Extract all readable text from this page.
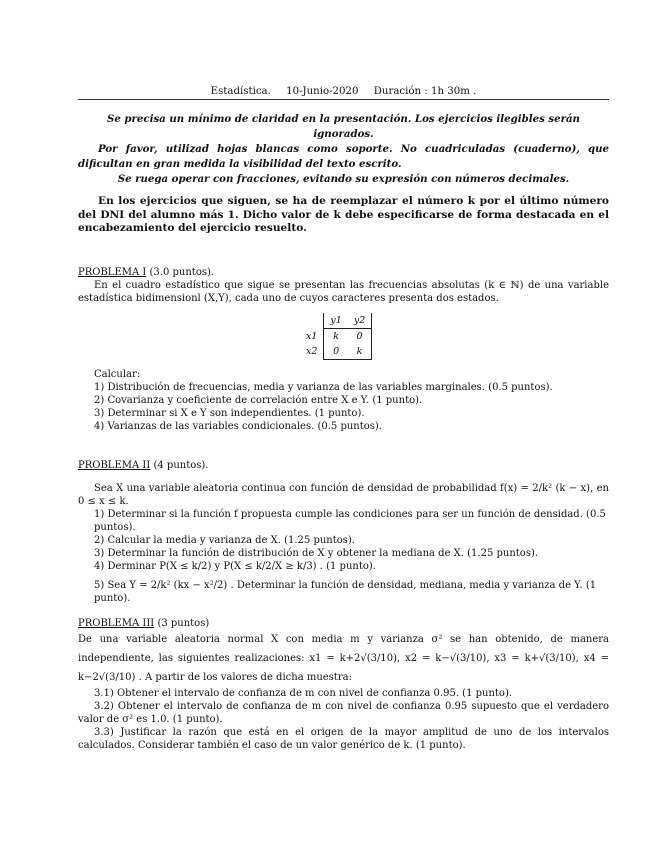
Estadística. 10-Junio-2020 Duración : 1h 30m .

Se precisa un mínimo de claridad en la presentación. Los ejercicios ilegibles serán ignorados.

Por favor, utilizad hojas blancas como soporte. No cuadriculadas (cuaderno), que dificultan en gran medida la visibilidad del texto escrito.

Se ruega operar con fracciones, evitando su expresión con números decimales.

En los ejercicios que siguen, se ha de reemplazar el número k por el último número del DNI del alumno más 1. Dicho valor de k debe especificarse de forma destacada en el encabezamiento del ejercicio resuelto.

PROBLEMA I (3.0 puntos).

En el cuadro estadístico que sigue se presentan las frecuencias absolutas (k ∈ ℕ) de una variable estadística bidimensionl (X,Y), cada uno de cuyos caracteres presenta dos estados.

	y1	y2
x1	k	0
x2	0	k

Calcular:

1) Distribución de frecuencias, media y varianza de las variables marginales. (0.5 puntos).

2) Covarianza y coeficiente de correlación entre X e Y. (1 punto).

3) Determinar si X e Y son independientes. (1 punto).

4) Varianzas de las variables condicionales. (0.5 puntos).

PROBLEMA II (4 puntos).

Sea X una variable aleatoria continua con función de densidad de probabilidad f(x) = 2/k² (k − x), en 0 ≤ x ≤ k.

1) Determinar si la función f propuesta cumple las condiciones para ser un función de densidad. (0.5 puntos).

2) Calcular la media y varianza de X. (1.25 puntos).

3) Determinar la función de distribución de X y obtener la mediana de X. (1.25 puntos).

4) Derminar P(X ≤ k/2) y P(X ≤ k/2/X ≥ k/3) . (1 punto).

5) Sea Y = 2/k² (kx − x²/2) . Determinar la función de densidad, mediana, media y varianza de Y. (1 punto).

PROBLEMA III (3 puntos)

De una variable aleatoria normal X con media m y varianza σ² se han obtenido, de manera independiente, las siguientes realizaciones: x1 = k+2√(3/10), x2 = k−√(3/10), x3 = k+√(3/10), x4 = k−2√(3/10) . A partir de los valores de dicha muestra:

3.1) Obtener el intervalo de confianza de m con nivel de confianza 0.95. (1 punto).

3.2) Obtener el intervalo de confianza de m con nivel de confianza 0.95 supuesto que el verdadero valor de σ² es 1.0. (1 punto).

3.3) Justificar la razón que está en el origen de la mayor amplitud de uno de los intervalos calculados. Considerar también el caso de un valor genérico de k. (1 punto).
